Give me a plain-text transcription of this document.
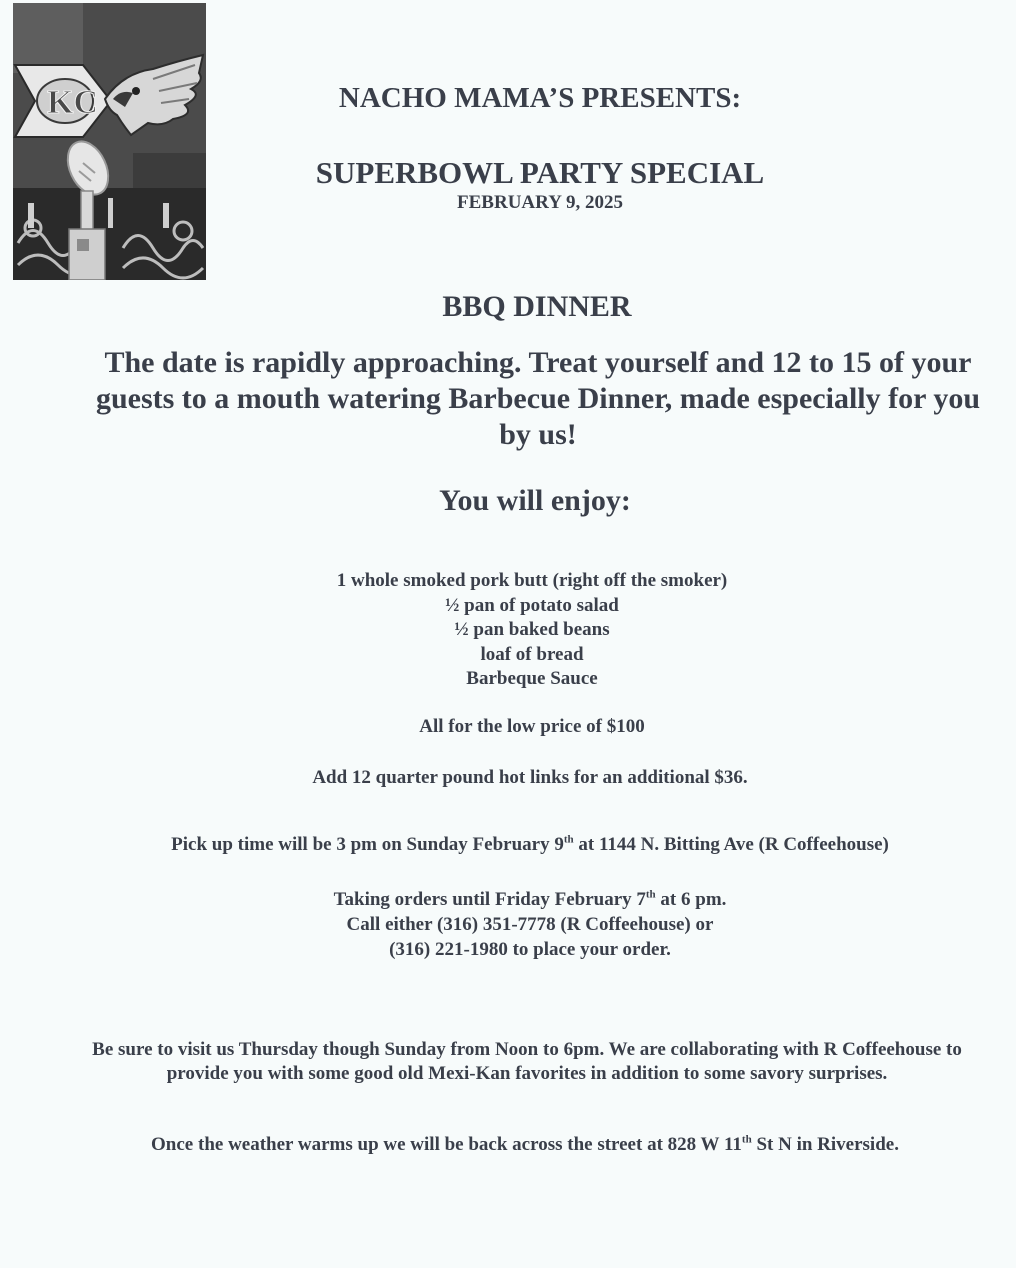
KC	NACHO MAMA’S PRESENTS:
SUPERBOWL PARTY SPECIAL
FEBRUARY 9, 2025
BBQ DINNER
The date is rapidly approaching. Treat yourself and 12 to 15 of your guests to a mouth watering Barbecue Dinner, made especially for you by us!
You will enjoy:
1 whole smoked pork butt (right off the smoker)
½ pan of potato salad
½ pan baked beans
loaf of bread
Barbeque Sauce
All for the low price of $100
Add 12 quarter pound hot links for an additional $36.
Pick up time will be 3 pm on Sunday February 9th at 1144 N. Bitting Ave (R Coffeehouse)
Taking orders until Friday February 7th at 6 pm.
Call either (316) 351-7778 (R Coffeehouse) or
(316) 221-1980 to place your order.
Be sure to visit us Thursday though Sunday from Noon to 6pm. We are collaborating with R Coffeehouse to provide you with some good old Mexi-Kan favorites in addition to some savory surprises.
Once the weather warms up we will be back across the street at 828 W 11th St N in Riverside.
